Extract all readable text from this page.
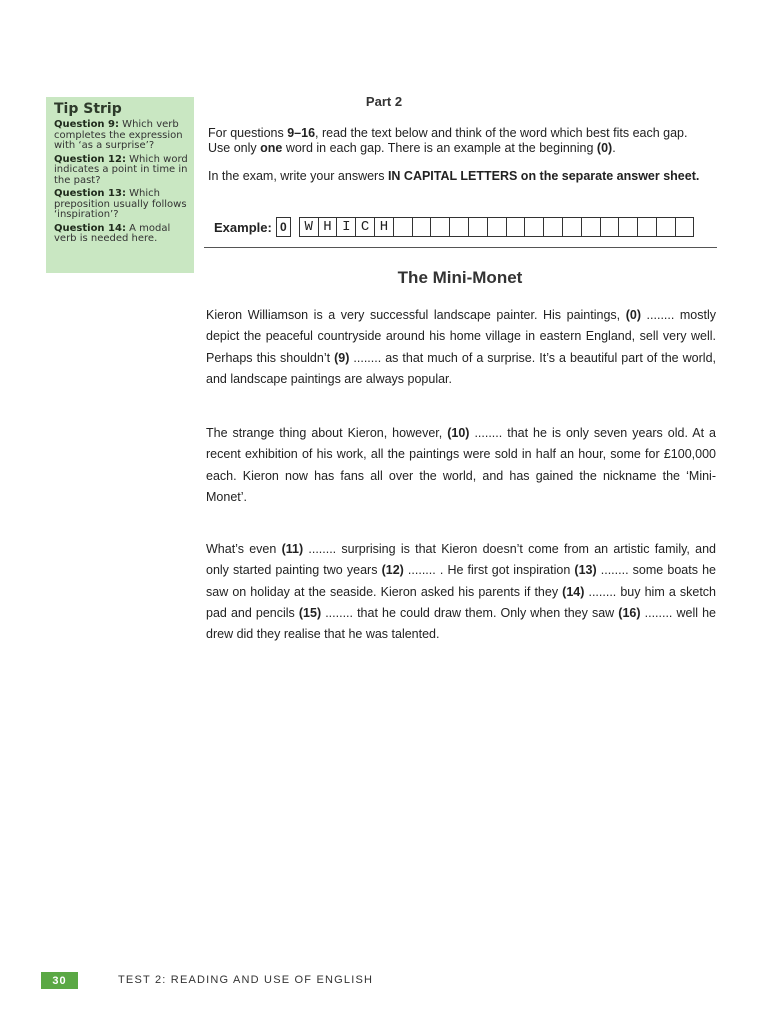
Tip Strip
Question 9: Which verb completes the expression with ‘as a surprise’?
Question 12: Which word indicates a point in time in the past?
Question 13: Which preposition usually follows ‘inspiration’?
Question 14: A modal verb is needed here.
Part 2
For questions 9–16, read the text below and think of the word which best fits each gap. Use only one word in each gap. There is an example at the beginning (0).
In the exam, write your answers IN CAPITAL LETTERS on the separate answer sheet.
Example: 0	W H I C H
The Mini-Monet
Kieron Williamson is a very successful landscape painter. His paintings, (0) ........ mostly depict the peaceful countryside around his home village in eastern England, sell very well. Perhaps this shouldn’t (9) ........ as that much of a surprise. It’s a beautiful part of the world, and landscape paintings are always popular.
The strange thing about Kieron, however, (10) ........ that he is only seven years old. At a recent exhibition of his work, all the paintings were sold in half an hour, some for £100,000 each. Kieron now has fans all over the world, and has gained the nickname the ‘Mini-Monet’.
What’s even (11) ........ surprising is that Kieron doesn’t come from an artistic family, and only started painting two years (12) ........ . He first got inspiration (13) ........ some boats he saw on holiday at the seaside. Kieron asked his parents if they (14) ........ buy him a sketch pad and pencils (15) ........ that he could draw them. Only when they saw (16) ........ well he drew did they realise that he was talented.
30	TEST 2: READING AND USE OF ENGLISH
